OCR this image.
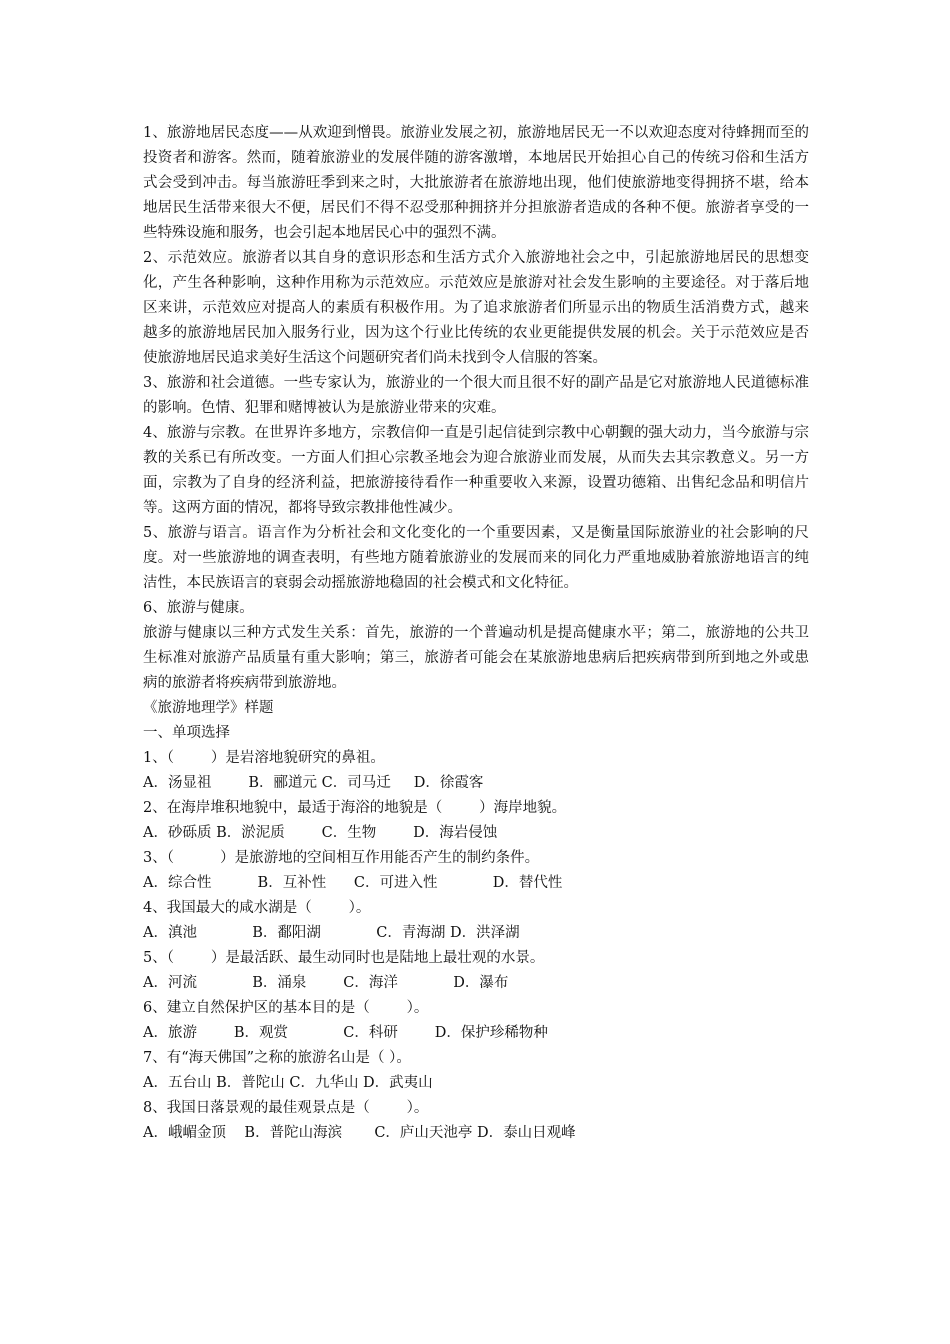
1、旅游地居民态度——从欢迎到憎畏。旅游业发展之初，旅游地居民无一不以欢迎态度对待蜂拥而至的投资者和游客。然而，随着旅游业的发展伴随的游客激增，本地居民开始担心自己的传统习俗和生活方式会受到冲击。每当旅游旺季到来之时，大批旅游者在旅游地出现，他们使旅游地变得拥挤不堪，给本地居民生活带来很大不便，居民们不得不忍受那种拥挤并分担旅游者造成的各种不便。旅游者享受的一些特殊设施和服务，也会引起本地居民心中的强烈不满。

2、示范效应。旅游者以其自身的意识形态和生活方式介入旅游地社会之中，引起旅游地居民的思想变化，产生各种影响，这种作用称为示范效应。示范效应是旅游对社会发生影响的主要途径。对于落后地区来讲，示范效应对提高人的素质有积极作用。为了追求旅游者们所显示出的物质生活消费方式，越来越多的旅游地居民加入服务行业，因为这个行业比传统的农业更能提供发展的机会。关于示范效应是否使旅游地居民追求美好生活这个问题研究者们尚未找到令人信服的答案。

3、旅游和社会道德。一些专家认为，旅游业的一个很大而且很不好的副产品是它对旅游地人民道德标准的影响。色情、犯罪和赌博被认为是旅游业带来的灾难。

4、旅游与宗教。在世界许多地方，宗教信仰一直是引起信徒到宗教中心朝觐的强大动力，当今旅游与宗教的关系已有所改变。一方面人们担心宗教圣地会为迎合旅游业而发展，从而失去其宗教意义。另一方面，宗教为了自身的经济利益，把旅游接待看作一种重要收入来源，设置功德箱、出售纪念品和明信片等。这两方面的情况，都将导致宗教排他性减少。

5、旅游与语言。语言作为分析社会和文化变化的一个重要因素，又是衡量国际旅游业的社会影响的尺度。对一些旅游地的调查表明，有些地方随着旅游业的发展而来的同化力严重地威胁着旅游地语言的纯洁性，本民族语言的衰弱会动摇旅游地稳固的社会模式和文化特征。

6、旅游与健康。

旅游与健康以三种方式发生关系：首先，旅游的一个普遍动机是提高健康水平；第二，旅游地的公共卫生标准对旅游产品质量有重大影响；第三，旅游者可能会在某旅游地患病后把疾病带到所到地之外或患病的旅游者将疾病带到旅游地。

《旅游地理学》样题

一、单项选择

1、（        ）是岩溶地貌研究的鼻祖。

A．汤显祖        B．郦道元 C．司马迁     D．徐霞客

2、在海岸堆积地貌中，最适于海浴的地貌是（        ）海岸地貌。

A．砂砾质 B．淤泥质        C．生物        D．海岩侵蚀

3、（          ）是旅游地的空间相互作用能否产生的制约条件。

A．综合性          B．互补性      C．可进入性            D．替代性

4、我国最大的咸水湖是（        ）。

A．滇池            B．鄱阳湖            C．青海湖 D．洪泽湖

5、（        ）是最活跃、最生动同时也是陆地上最壮观的水景。

A．河流            B．涌泉        C．海洋            D．瀑布

6、建立自然保护区的基本目的是（        ）。

A．旅游        B．观赏            C．科研        D．保护珍稀物种

7、有“海天佛国”之称的旅游名山是（ ）。

A．五台山 B．普陀山 C．九华山 D．武夷山

8、我国日落景观的最佳观景点是（        ）。

A．峨嵋金顶    B．普陀山海滨       C．庐山天池亭 D．泰山日观峰
